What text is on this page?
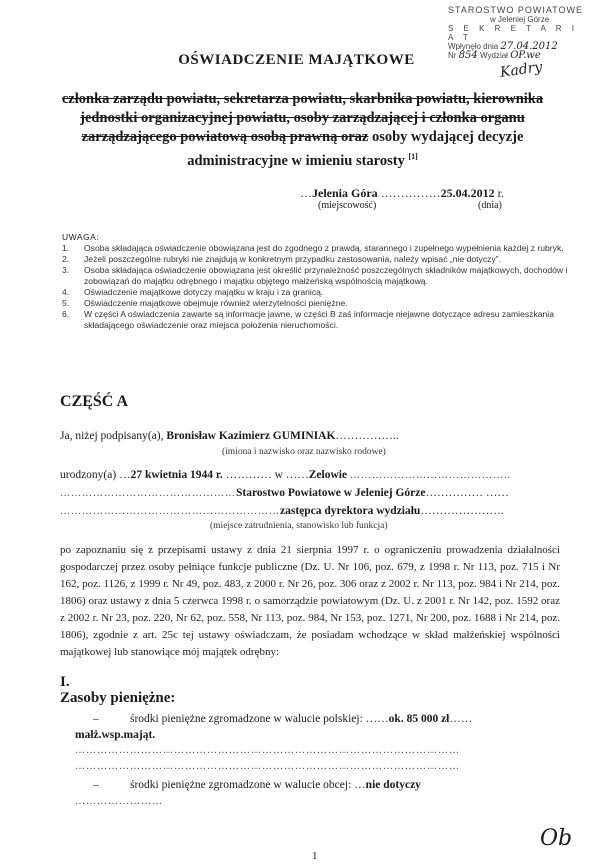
STAROSTWO POWIATOWE
w Jeleniej Górze
S E K R E T A R I A T
Wpłynęło dnia 27.04.2012
Nr 854 Wydział OP.we
Kadry
OŚWIADCZENIE MAJĄTKOWE
członka zarządu powiatu, sekretarza powiatu, skarbnika powiatu, kierownika jednostki organizacyjnej powiatu, osoby zarządzającej i członka organu zarządzającego powiatową osobą prawną oraz osoby wydającej decyzje administracyjne w imieniu starosty [1]
…Jelenia Góra ……………25.04.2012 r.
(miejscowość)	(dnia)
UWAGA:
1.	Osoba składająca oświadczenie obowiązana jest do zgodnego z prawdą, starannego i zupełnego wypełnienia każdej z rubryk.
2.	Jeżeli poszczególne rubryki nie znajdują w konkretnym przypadku zastosowania, należy wpisać „nie dotyczy”.
3.	Osoba składająca oświadczenie obowiązana jest określić przynależność poszczególnych składników majątkowych, dochodów i zobowiązań do majątku odrębnego i majątku objętego małżeńską wspólnością majątkową.
4.	Oświadczenie majątkowe dotyczy majątku w kraju i za granicą.
5.	Oświadczenie majątkowe obejmuje również wierzytelności pieniężne.
6.	W części A oświadczenia zawarte są informacje jawne, w części B zaś informacje niejawne dotyczące adresu zamieszkania składającego oświadczenie oraz miejsca położenia nieruchomości.
CZĘŚĆ A
Ja, niżej podpisany(a), Bronisław Kazimierz GUMINIAK……………..
(imiona i nazwisko oraz nazwisko rodowe)
urodzony(a) …27 kwietnia 1944 r. ………… w ……Zelowie ……………………………………..
…………………………………………Starostwo Powiatowe w Jeleniej Górze…………… ……
……………………………………………………zastępca dyrektora wydziału………………….
(miejsce zatrudnienia, stanowisko lub funkcja)
po zapoznaniu się z przepisami ustawy z dnia 21 sierpnia 1997 r. o ograniczeniu prowadzenia działalności gospodarczej przez osoby pełniące funkcje publiczne (Dz. U. Nr 106, poz. 679, z 1998 r. Nr 113, poz. 715 i Nr 162, poz. 1126, z 1999 r. Nr 49, poz. 483, z 2000 r. Nr 26, poz. 306 oraz z 2002 r. Nr 113, poz. 984 i Nr 214, poz. 1806) oraz ustawy z dnia 5 czerwca 1998 r. o samorządzie powiatowym (Dz. U. z 2001 r. Nr 142, poz. 1592 oraz z 2002 r. Nr 23, poz. 220, Nr 62, poz. 558, Nr 113, poz. 984, Nr 153, poz. 1271, Nr 200, poz. 1688 i Nr 214, poz. 1806), zgodnie z art. 25c tej ustawy oświadczam, że posiadam wchodzące w skład małżeńskiej wspólności majątkowej lub stanowiące mój majątek odrębny:
I.
Zasoby pieniężne:
–	środki pieniężne zgromadzone w walucie polskiej: ……ok. 85 000 zł……
małż.wsp.mająt.
……………………………………………………………………………………………
……………………………………………………………………………………………
–	środki pieniężne zgromadzone w walucie obcej: …nie dotyczy
……………………
1
Ob
